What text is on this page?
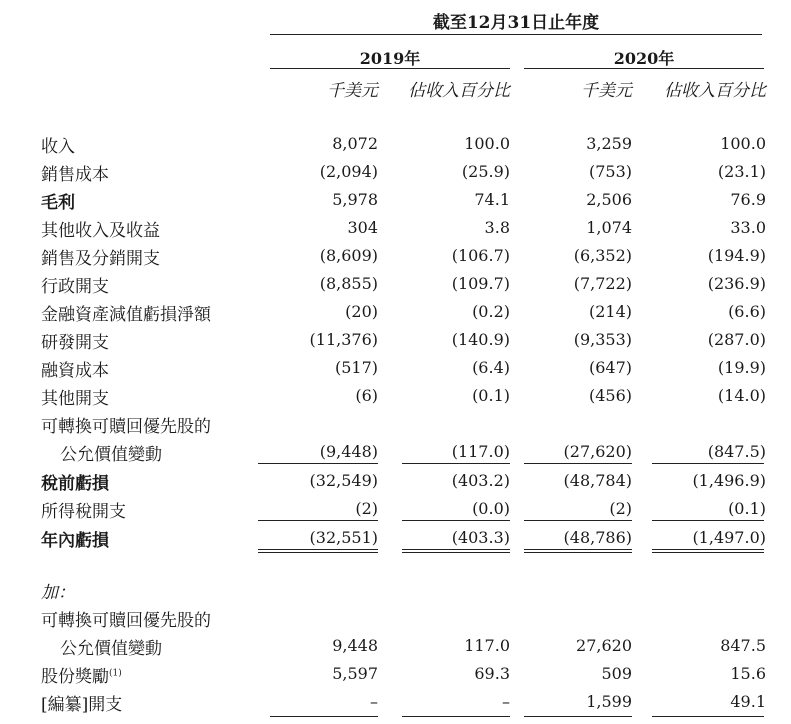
截至12月31日止年度
2019年	2020年
千美元	佔收入百分比	千美元	佔收入百分比
收入	8,072	100.0	3,259	100.0
銷售成本	(2,094)	(25.9)	(753)	(23.1)
毛利	5,978	74.1	2,506	76.9
其他收入及收益	304	3.8	1,074	33.0
銷售及分銷開支	(8,609)	(106.7)	(6,352)	(194.9)
行政開支	(8,855)	(109.7)	(7,722)	(236.9)
金融資產減值虧損淨額	(20)	(0.2)	(214)	(6.6)
研發開支	(11,376)	(140.9)	(9,353)	(287.0)
融資成本	(517)	(6.4)	(647)	(19.9)
其他開支	(6)	(0.1)	(456)	(14.0)
可轉換可贖回優先股的
公允價值變動	(9,448)	(117.0)	(27,620)	(847.5)
稅前虧損	(32,549)	(403.2)	(48,784)	(1,496.9)
所得稅開支	(2)	(0.0)	(2)	(0.1)
年內虧損	(32,551)	(403.3)	(48,786)	(1,497.0)
加：
可轉換可贖回優先股的
公允價值變動	9,448	117.0	27,620	847.5
股份獎勵$^{(1)}$	5,597	69.3	509	15.6
[編纂]開支	–	–	1,599	49.1
